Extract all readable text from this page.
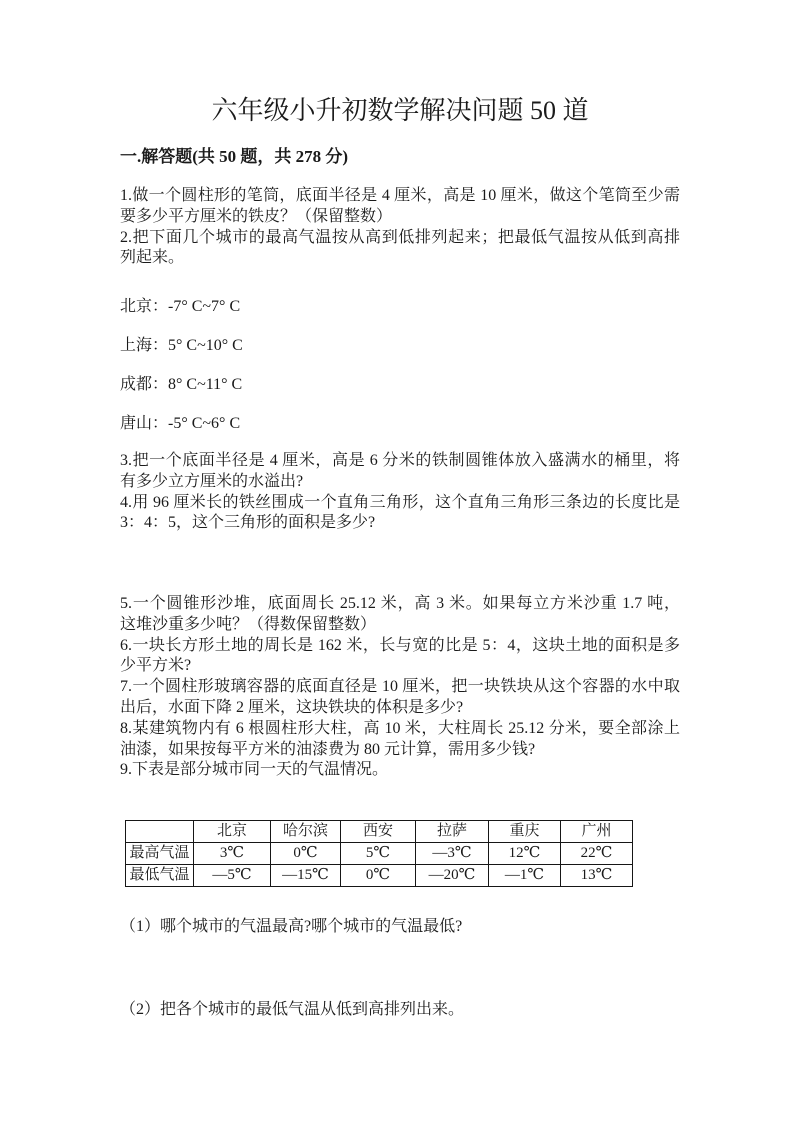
六年级小升初数学解决问题 50 道
一.解答题(共 50 题，共 278 分)
1.做一个圆柱形的笔筒，底面半径是 4 厘米，高是 10 厘米，做这个笔筒至少需
要多少平方厘米的铁皮？（保留整数）
2.把下面几个城市的最高气温按从高到低排列起来；把最低气温按从低到高排
列起来。
北京：-7° C~7° C
上海：5° C~10° C
成都：8° C~11° C
唐山：-5° C~6° C
3.把一个底面半径是 4 厘米，高是 6 分米的铁制圆锥体放入盛满水的桶里，将
有多少立方厘米的水溢出?
4.用 96 厘米长的铁丝围成一个直角三角形，这个直角三角形三条边的长度比是
3：4：5，这个三角形的面积是多少?
5.一个圆锥形沙堆，底面周长 25.12 米，高 3 米。如果每立方米沙重 1.7 吨，
这堆沙重多少吨？（得数保留整数）
6.一块长方形土地的周长是 162 米，长与宽的比是 5：4，这块土地的面积是多
少平方米?
7.一个圆柱形玻璃容器的底面直径是 10 厘米，把一块铁块从这个容器的水中取
出后，水面下降 2 厘米，这块铁块的体积是多少?
8.某建筑物内有 6 根圆柱形大柱，高 10 米，大柱周长 25.12 分米，要全部涂上
油漆，如果按每平方米的油漆费为 80 元计算，需用多少钱?
9.下表是部分城市同一天的气温情况。
	北京	哈尔滨	西安	拉萨	重庆	广州
最高气温	3℃	0℃	5℃	—3℃	12℃	22℃
最低气温	—5℃	—15℃	0℃	—20℃	—1℃	13℃
（1）哪个城市的气温最高?哪个城市的气温最低?
（2）把各个城市的最低气温从低到高排列出来。
